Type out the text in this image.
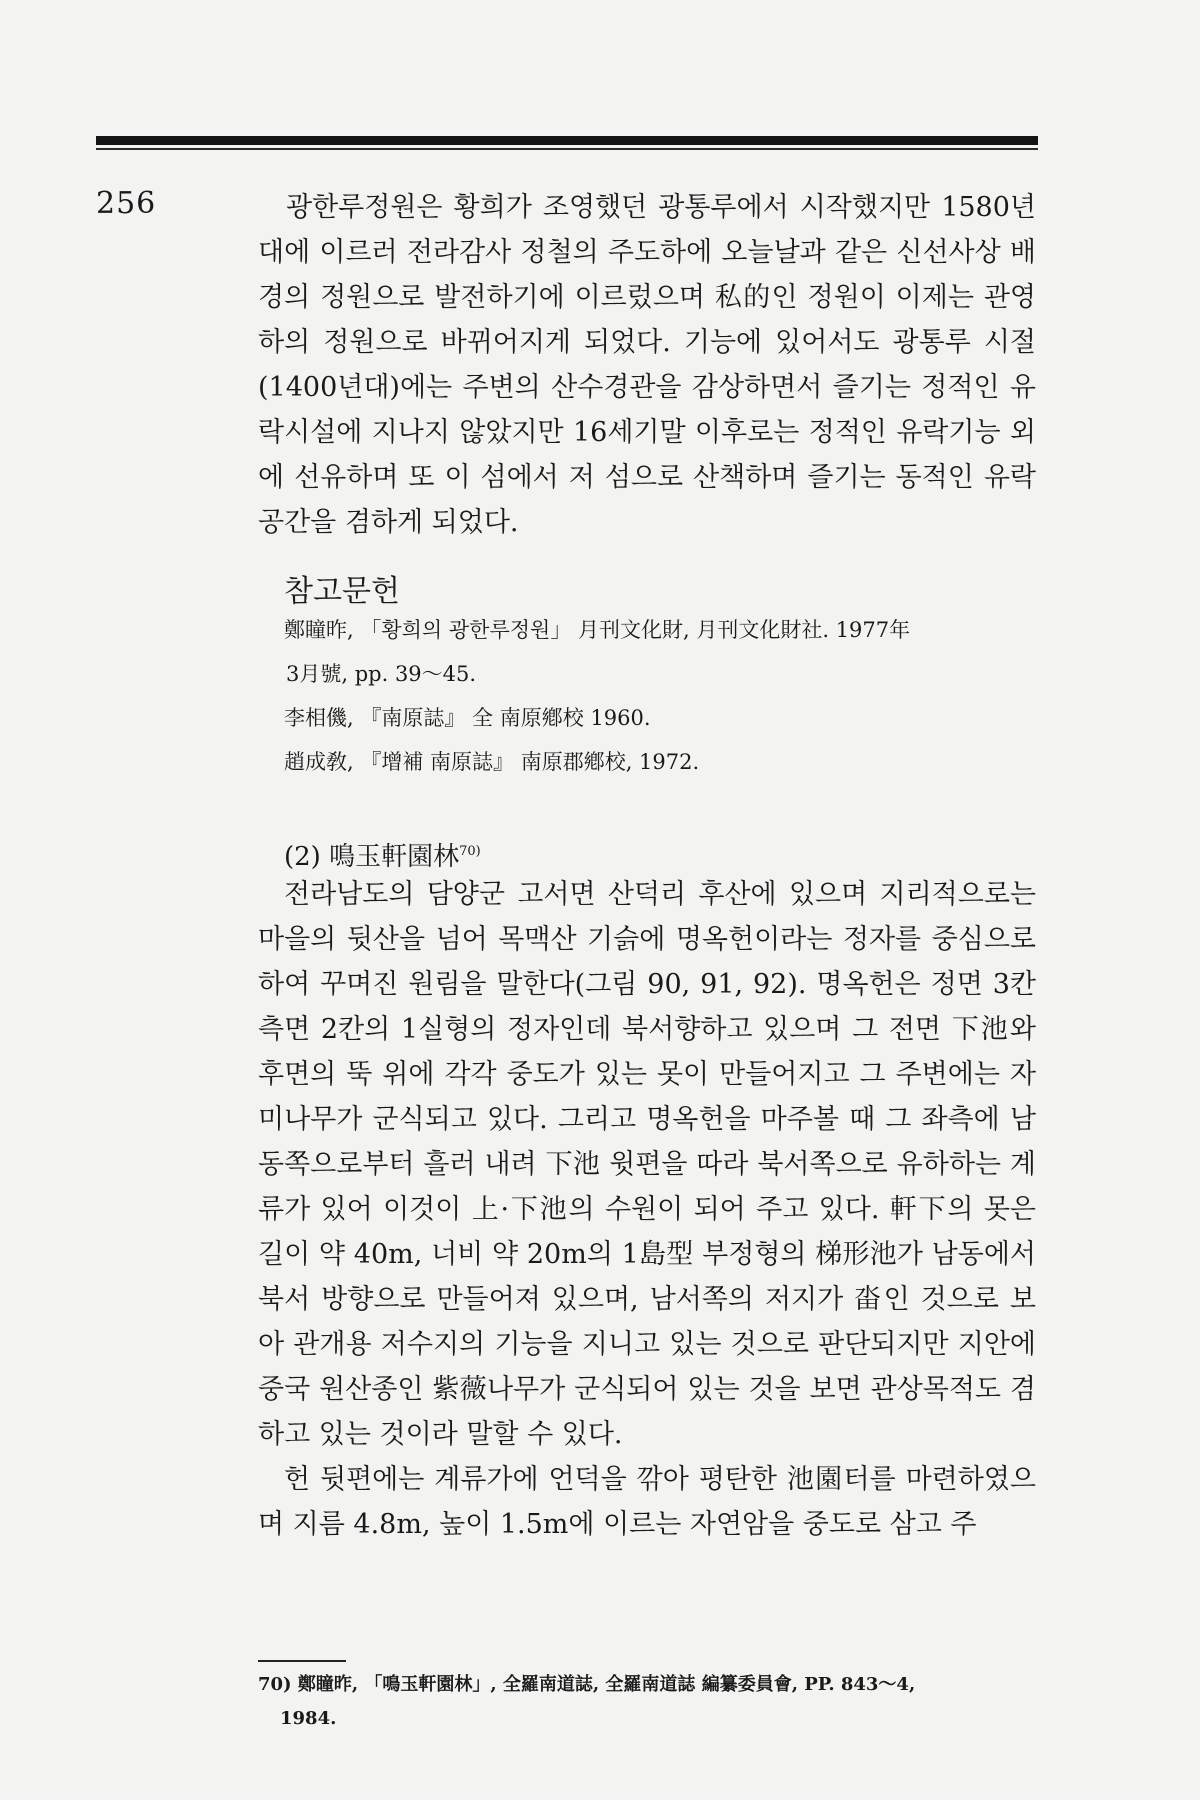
256	광한루정원은 황희가 조영했던 광통루에서 시작했지만 1580년대에 이르러 전라감사 정철의 주도하에 오늘날과 같은 신선사상 배경의 정원으로 발전하기에 이르렀으며 私的인 정원이 이제는 관영하의 정원으로 바뀌어지게 되었다. 기능에 있어서도 광통루 시절(1400년대)에는 주변의 산수경관을 감상하면서 즐기는 정적인 유락시설에 지나지 않았지만 16세기말 이후로는 정적인 유락기능 외에 선유하며 또 이 섬에서 저 섬으로 산책하며 즐기는 동적인 유락공간을 겸하게 되었다.

참고문헌
鄭瞳昨, 「황희의 광한루정원」 月刊文化財, 月刊文化財社. 1977年
3月號, pp. 39～45.
李相僟, 『南原誌』 全 南原鄕校 1960.
趙成敎, 『增補 南原誌』 南原郡鄕校, 1972.
(2) 鳴玉軒園林$^{70)}$

전라남도의 담양군 고서면 산덕리 후산에 있으며 지리적으로는 마을의 뒷산을 넘어 목맥산 기슭에 명옥헌이라는 정자를 중심으로 하여 꾸며진 원림을 말한다(그림 90, 91, 92). 명옥헌은 정면 3칸 측면 2칸의 1실형의 정자인데 북서향하고 있으며 그 전면 下池와 후면의 뚝 위에 각각 중도가 있는 못이 만들어지고 그 주변에는 자미나무가 군식되고 있다. 그리고 명옥헌을 마주볼 때 그 좌측에 남동쪽으로부터 흘러 내려 下池 윗편을 따라 북서쪽으로 유하하는 계류가 있어 이것이 上·下池의 수원이 되어 주고 있다. 軒下의 못은 길이 약 40m, 너비 약 20m의 1島型 부정형의 梯形池가 남동에서 북서 방향으로 만들어져 있으며, 남서쪽의 저지가 畓인 것으로 보아 관개용 저수지의 기능을 지니고 있는 것으로 판단되지만 지안에 중국 원산종인 紫薇나무가 군식되어 있는 것을 보면 관상목적도 겸하고 있는 것이라 말할 수 있다.

헌 뒷편에는 계류가에 언덕을 깎아 평탄한 池園터를 마련하였으며 지름 4.8m, 높이 1.5m에 이르는 자연암을 중도로 삼고 주

70) 鄭瞳昨, 「鳴玉軒園林」, 全羅南道誌, 全羅南道誌 編纂委員會, PP. 843～4,
1984.
